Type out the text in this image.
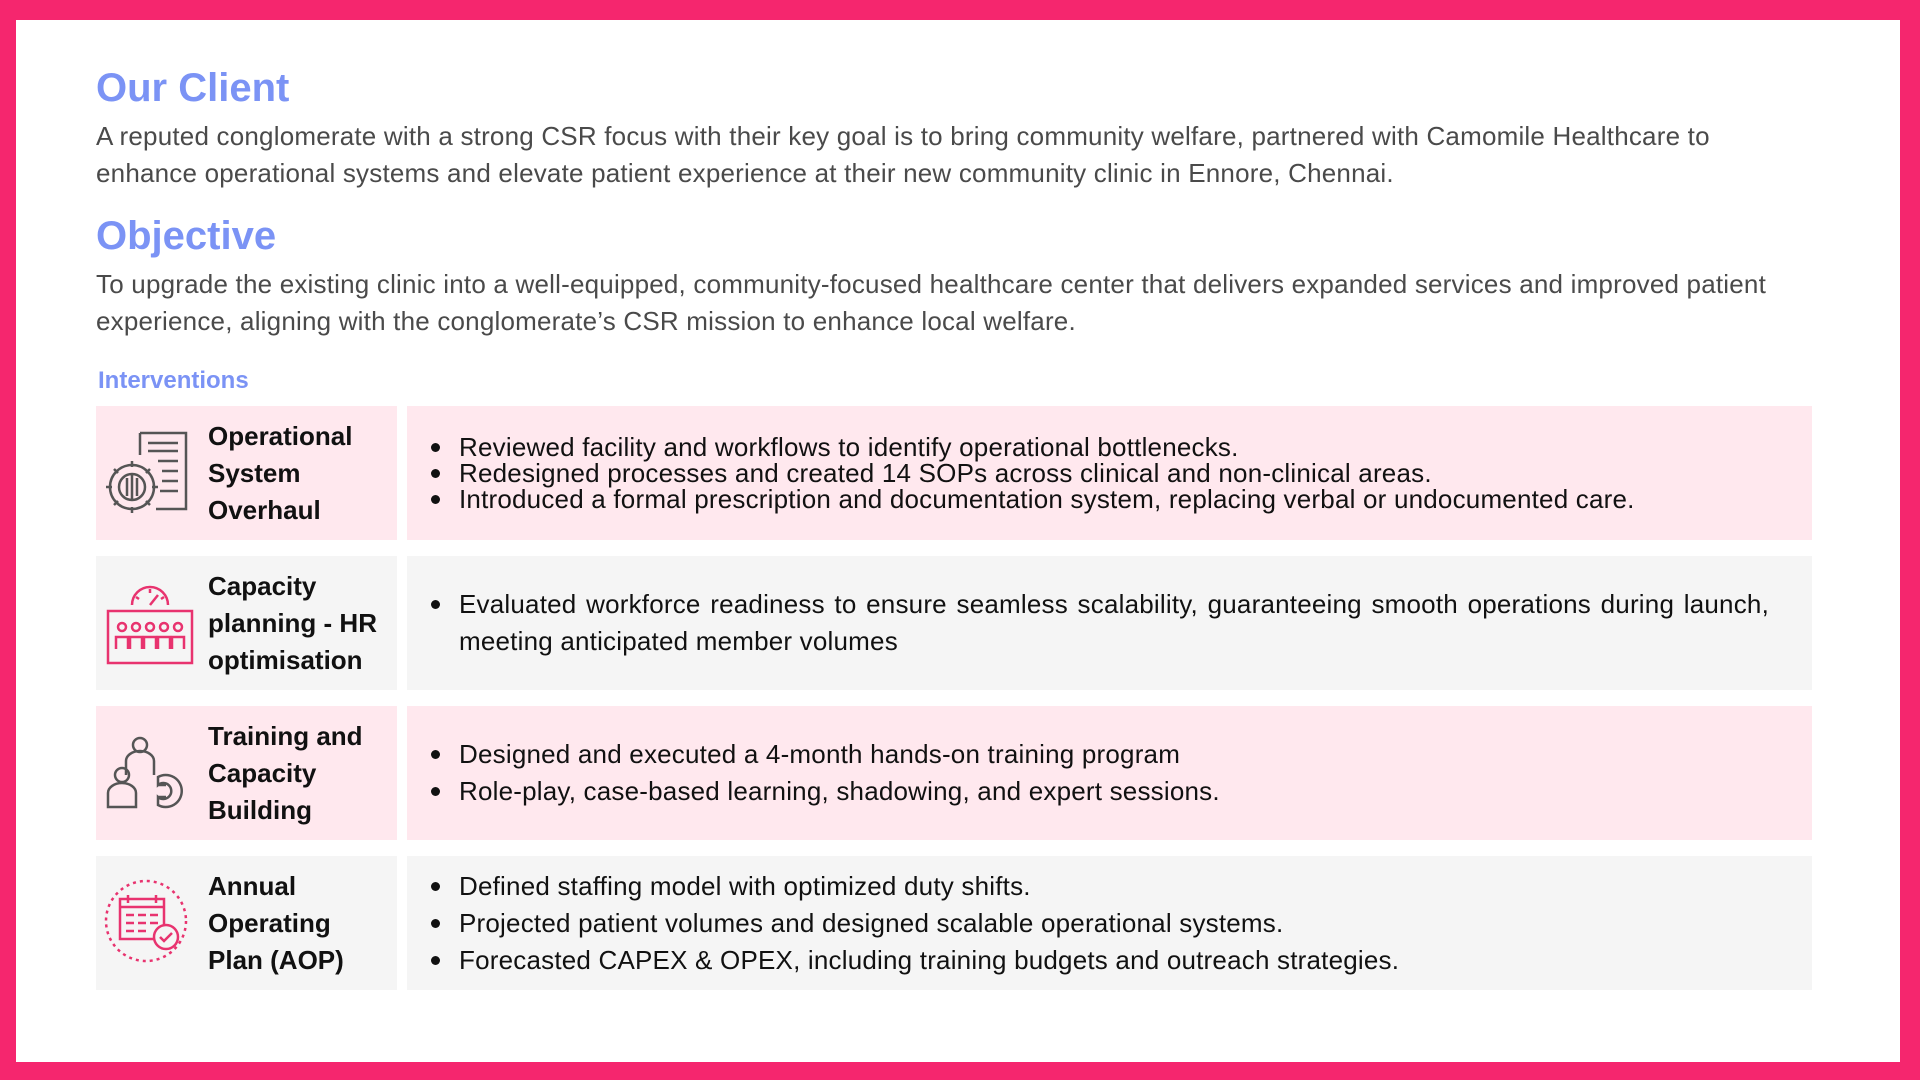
Our Client

A reputed conglomerate with a strong CSR focus with their key goal is to bring community welfare, partnered with Camomile Healthcare to enhance operational systems and elevate patient experience at their new community clinic in Ennore, Chennai.

Objective

To upgrade the existing clinic into a well-equipped, community-focused healthcare center that delivers expanded services and improved patient experience, aligning with the conglomerate’s CSR mission to enhance local welfare.

Interventions
Operational System Overhaul
Reviewed facility and workflows to identify operational bottlenecks.
Redesigned processes and created 14 SOPs across clinical and non-clinical areas.
Introduced a formal prescription and documentation system, replacing verbal or undocumented care.
Capacity planning - HR optimisation
Evaluated workforce readiness to ensure seamless scalability, guaranteeing smooth operations during launch, meeting anticipated member volumes
Training and Capacity Building
Designed and executed a 4-month hands-on training program
Role-play, case-based learning, shadowing, and expert sessions.
Annual Operating Plan (AOP)
Defined staffing model with optimized duty shifts.
Projected patient volumes and designed scalable operational systems.
Forecasted CAPEX & OPEX, including training budgets and outreach strategies.
